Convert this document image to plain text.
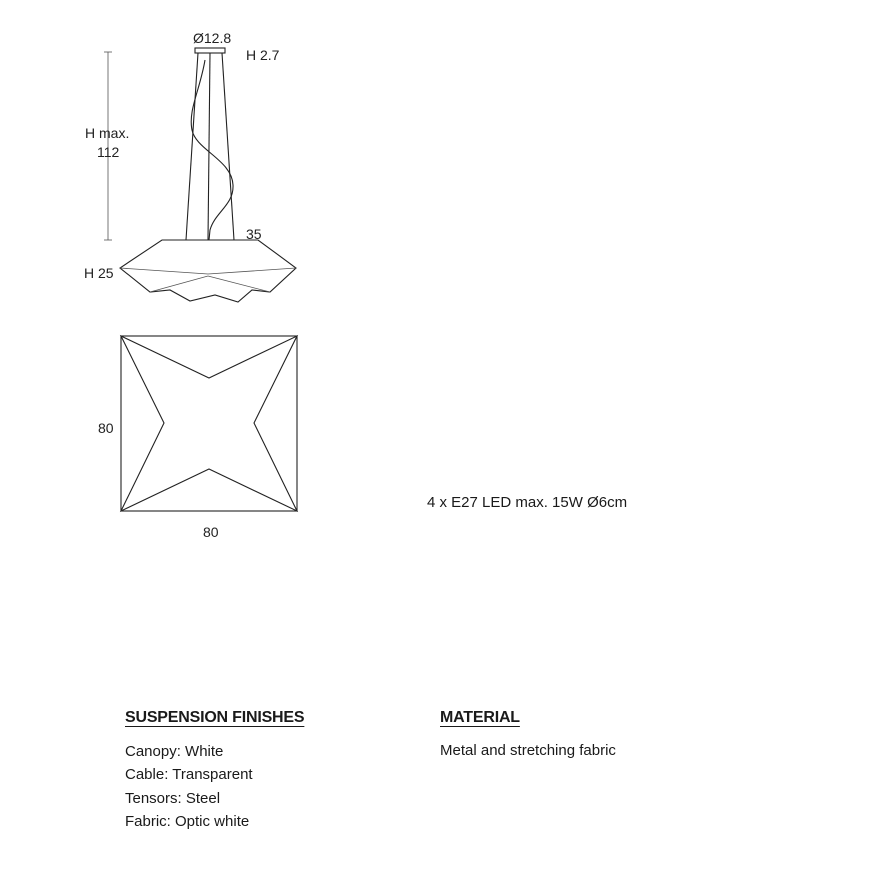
Ø12.8
H 2.7
H max.
112
35
H 25
80
80

4 x E27 LED max. 15W Ø6cm

SUSPENSION FINISHES
Canopy: White
Cable: Transparent
Tensors: Steel
Fabric: Optic white
MATERIAL

Metal and stretching fabric
